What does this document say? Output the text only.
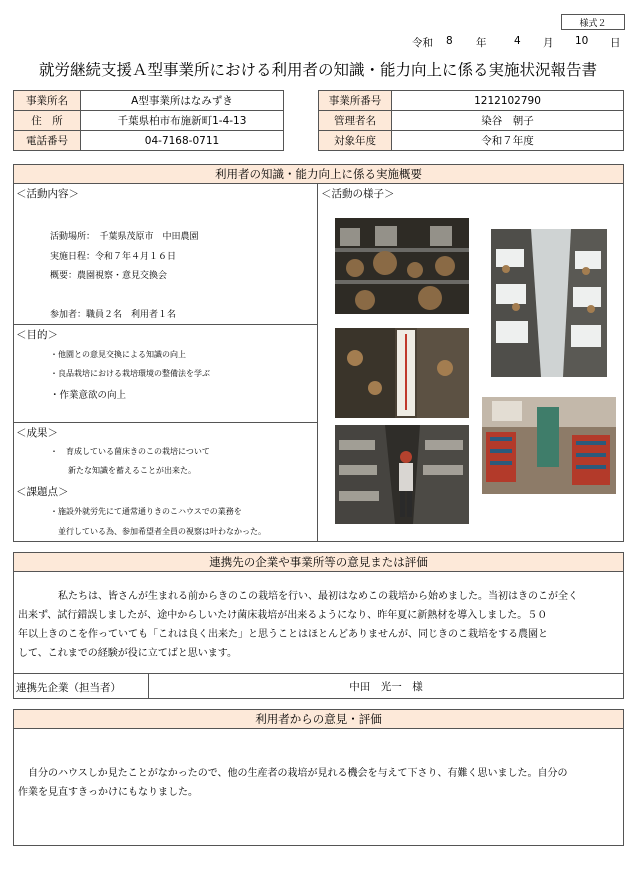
様式２
令和 8 年	4 月 10 日
就労継続支援Ａ型事業所における利用者の知識・能力向上に係る実施状況報告書
事業所名	A型事業所はなみずき
住　所	千葉県柏市布施新町1-4-13
電話番号	04-7168-0711
事業所番号	1212102790
管理者名	染谷　朝子
対象年度	令和７年度
利用者の知識・能力向上に係る実施概要
＜活動内容＞
活動場所：　千葉県茂原市　中田農園
実施日程：令和７年４月１６日
概要：農園視察・意見交換会
参加者：職員２名　利用者１名
＜目的＞
・他園との意見交換による知識の向上
・良品栽培における栽培環境の整備法を学ぶ
・作業意欲の向上
＜成果＞
・　育成している菌床きのこの栽培について
新たな知識を蓄えることが出来た。
＜課題点＞
・施設外就労先にて通常通りきのこハウスでの業務を
並行している為、参加希望者全員の視察は叶わなかった。
＜活動の様子＞
連携先の企業や事業所等の意見または評価
私たちは、皆さんが生まれる前からきのこの栽培を行い、最初はなめこの栽培から始めました。当初はきのこが全く
出来ず、試行錯誤しましたが、途中からしいたけ菌床栽培が出来るようになり、昨年夏に新熱材を導入しました。５０
年以上きのこを作っていても「これは良く出来た」と思うことはほとんどありませんが、同じきのこ栽培をする農園と
して、これまでの経験が役に立てばと思います。
連携先企業（担当者）	中田　光一　様
利用者からの意見・評価
自分のハウスしか見たことがなかったので、他の生産者の栽培が見れる機会を与えて下さり、有難く思いました。自分の
作業を見直すきっかけにもなりました。
